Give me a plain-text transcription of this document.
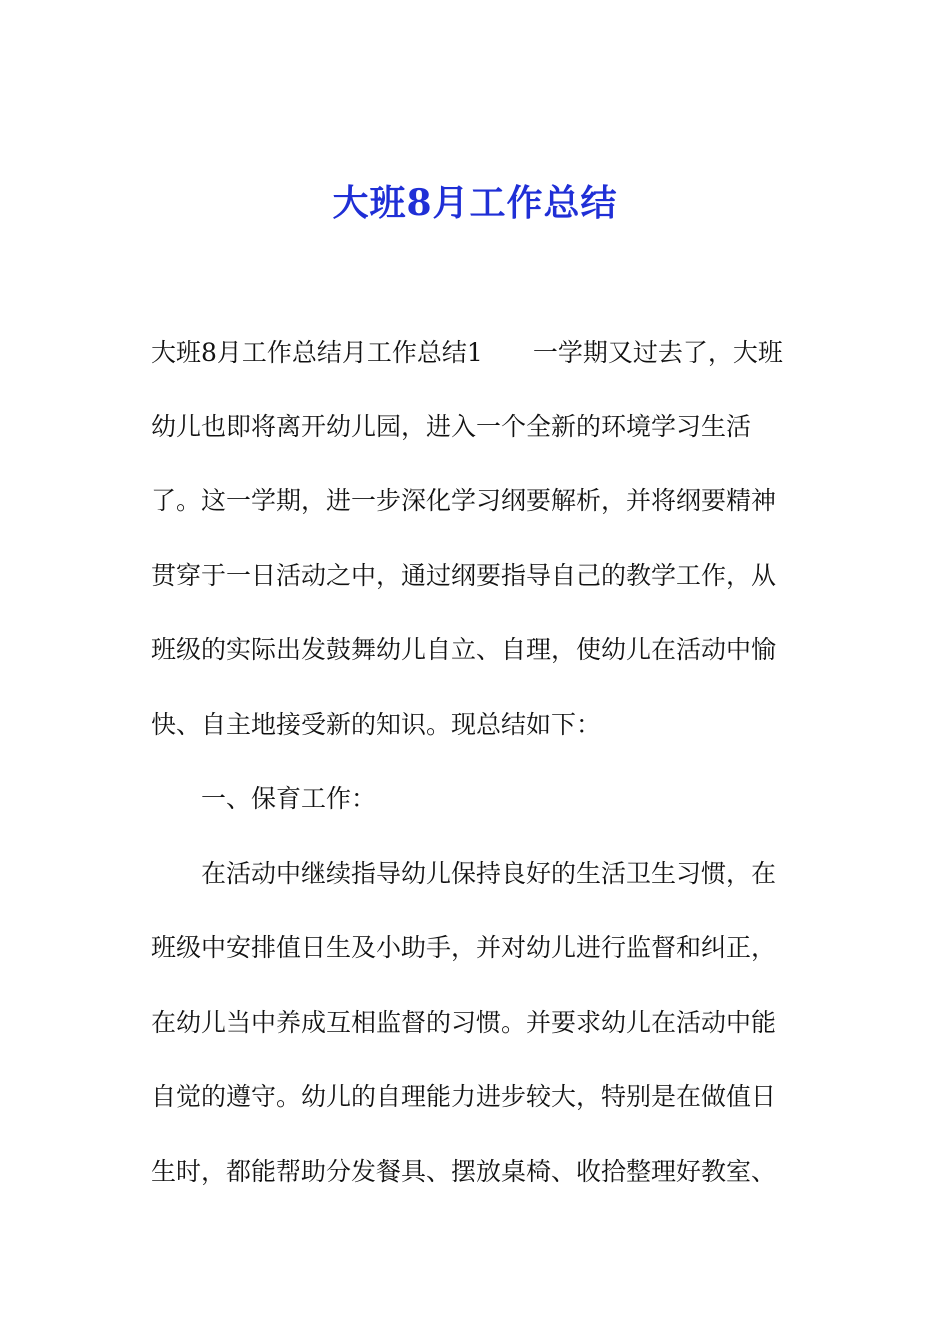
大班8月工作总结
大班8月工作总结月工作总结1 一学期又过去了，大班
幼儿也即将离开幼儿园，进入一个全新的环境学习生活
了。这一学期，进一步深化学习纲要解析，并将纲要精神
贯穿于一日活动之中，通过纲要指导自己的教学工作，从
班级的实际出发鼓舞幼儿自立、自理，使幼儿在活动中愉
快、自主地接受新的知识。现总结如下：
一、保育工作：
在活动中继续指导幼儿保持良好的生活卫生习惯，在
班级中安排值日生及小助手，并对幼儿进行监督和纠正，
在幼儿当中养成互相监督的习惯。并要求幼儿在活动中能
自觉的遵守。幼儿的自理能力进步较大，特别是在做值日
生时，都能帮助分发餐具、摆放桌椅、收拾整理好教室、
